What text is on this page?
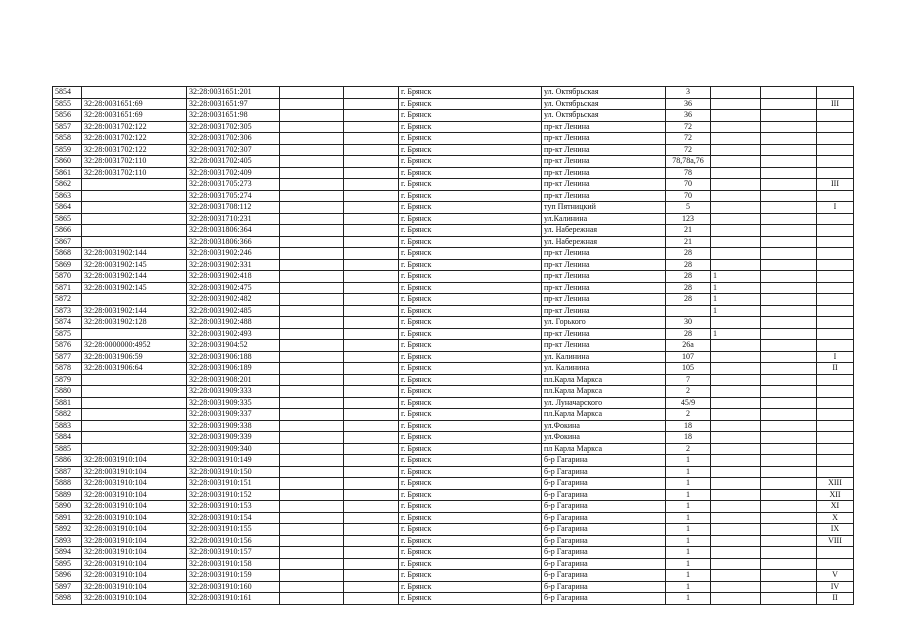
5854		32:28:0031651:201			г. Брянск	ул. Октябрьская	3			
5855	32:28:0031651:69	32:28:0031651:97			г. Брянск	ул. Октябрьская	36			III
5856	32:28:0031651:69	32:28:0031651:98			г. Брянск	ул. Октябрьская	36			
5857	32:28:0031702:122	32:28:0031702:305			г. Брянск	пр-кт Ленина	72			
5858	32:28:0031702:122	32:28:0031702:306			г. Брянск	пр-кт Ленина	72			
5859	32:28:0031702:122	32:28:0031702:307			г. Брянск	пр-кт Ленина	72			
5860	32:28:0031702:110	32:28:0031702:405			г. Брянск	пр-кт Ленина	78,78а,76			
5861	32:28:0031702:110	32:28:0031702:409			г. Брянск	пр-кт Ленина	78			
5862		32:28:0031705:273			г. Брянск	пр-кт Ленина	70			III
5863		32:28:0031705:274			г. Брянск	пр-кт Ленина	70			
5864		32:28:0031708:112			г. Брянск	туп Пятницкий	5			I
5865		32:28:0031710:231			г. Брянск	ул.Калинина	123			
5866		32:28:0031806:364			г. Брянск	ул. Набережная	21			
5867		32:28:0031806:366			г. Брянск	ул. Набережная	21			
5868	32:28:0031902:144	32:28:0031902:246			г. Брянск	пр-кт Ленина	28			
5869	32:28:0031902:145	32:28:0031902:331			г. Брянск	пр-кт Ленина	28			
5870	32:28:0031902:144	32:28:0031902:418			г. Брянск	пр-кт Ленина	28	1		
5871	32:28:0031902:145	32:28:0031902:475			г. Брянск	пр-кт Ленина	28	1		
5872		32:28:0031902:482			г. Брянск	пр-кт Ленина	28	1		
5873	32:28:0031902:144	32:28:0031902:485			г. Брянск	пр-кт Ленина		1		
5874	32:28:0031902:128	32:28:0031902:488			г. Брянск	ул. Горького	30			
5875		32:28:0031902:493			г. Брянск	пр-кт Ленина	28	1		
5876	32:28:0000000:4952	32:28:0031904:52			г. Брянск	пр-кт Ленина	26а			
5877	32:28:0031906:59	32:28:0031906:188			г. Брянск	ул. Калинина	107			I
5878	32:28:0031906:64	32:28:0031906:189			г. Брянск	ул. Калинина	105			II
5879		32:28:0031908:201			г. Брянск	пл.Карла Маркса	7			
5880		32:28:0031909:333			г. Брянск	пл.Карла Маркса	2			
5881		32:28:0031909:335			г. Брянск	ул. Луначарского	45/9			
5882		32:28:0031909:337			г. Брянск	пл.Карла Маркса	2			
5883		32:28:0031909:338			г. Брянск	ул.Фокина	18			
5884		32:28:0031909:339			г. Брянск	ул.Фокина	18			
5885		32:28:0031909:340			г. Брянск	пл Карла Маркса	2			
5886	32:28:0031910:104	32:28:0031910:149			г. Брянск	б-р Гагарина	1			
5887	32:28:0031910:104	32:28:0031910:150			г. Брянск	б-р Гагарина	1			
5888	32:28:0031910:104	32:28:0031910:151			г. Брянск	б-р Гагарина	1			XIII
5889	32:28:0031910:104	32:28:0031910:152			г. Брянск	б-р Гагарина	1			XII
5890	32:28:0031910:104	32:28:0031910:153			г. Брянск	б-р Гагарина	1			XI
5891	32:28:0031910:104	32:28:0031910:154			г. Брянск	б-р Гагарина	1			X
5892	32:28:0031910:104	32:28:0031910:155			г. Брянск	б-р Гагарина	1			IX
5893	32:28:0031910:104	32:28:0031910:156			г. Брянск	б-р Гагарина	1			VIII
5894	32:28:0031910:104	32:28:0031910:157			г. Брянск	б-р Гагарина	1			
5895	32:28:0031910:104	32:28:0031910:158			г. Брянск	б-р Гагарина	1			
5896	32:28:0031910:104	32:28:0031910:159			г. Брянск	б-р Гагарина	1			V
5897	32:28:0031910:104	32:28:0031910:160			г. Брянск	б-р Гагарина	1			IV
5898	32:28:0031910:104	32:28:0031910:161			г. Брянск	б-р Гагарина	1			II
